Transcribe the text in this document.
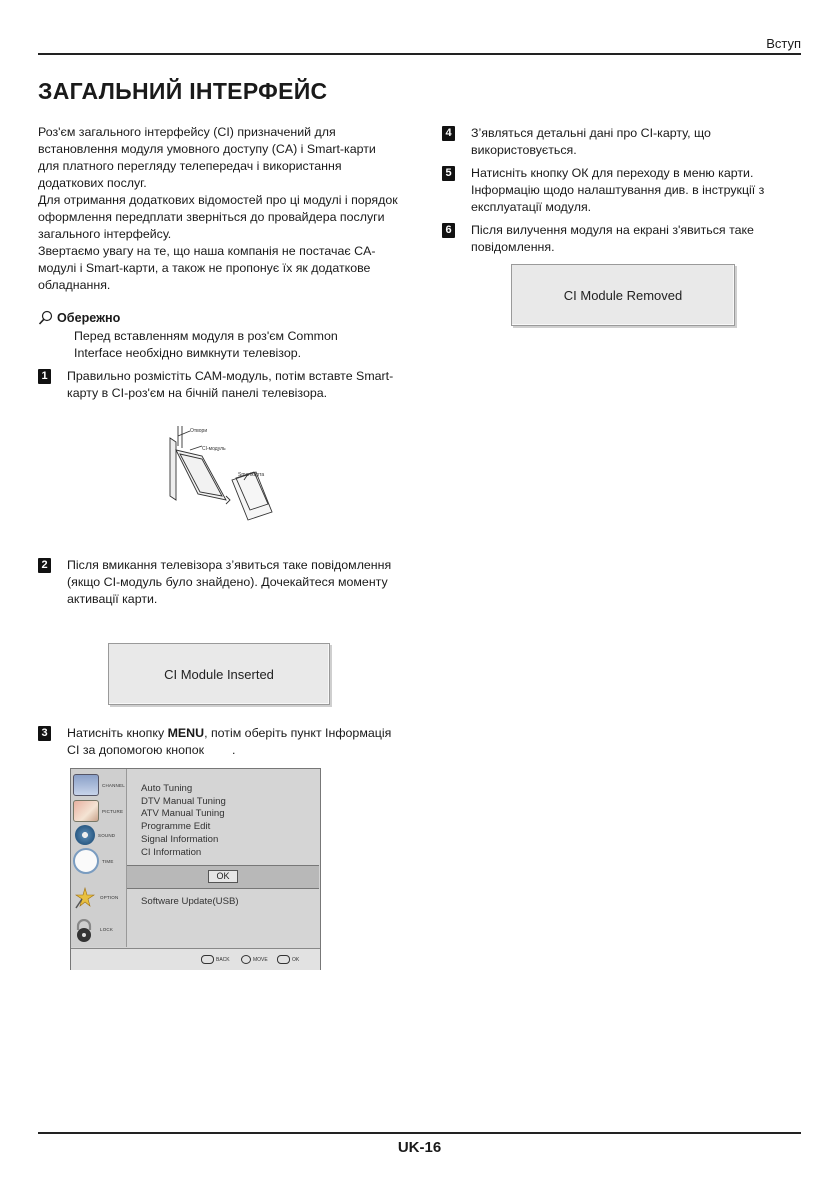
Вступ
ЗАГАЛЬНИЙ ІНТЕРФЕЙС

Роз'єм загального інтерфейсу (СІ) призначений для встановлення модуля умовного доступу (CA) і Smart-карти для платного перегляду телепередач і використання додаткових послуг.

Для отримання додаткових відомостей про ці модулі і порядок оформлення передплати зверніться до провайдера послуги загального інтерфейсу.

Звертаємо увагу на те, що наша компанія не постачає CA-модулі і Smart-карти, а також не пропонує їх як додаткове обладнання.

Обережно
Перед вставленням модуля в роз'єм Common Interface необхідно вимкнути телевізор.
1 Правильно розмістіть САМ-модуль, потім вставте Smart-карту в СІ-роз'єм на бічній панелі телевізора.

Отвори
CI-модуль
Smartкарта
2 Після вмикання телевізора з’явиться таке повідомлення (якщо СІ-модуль було знайдено). Дочекайтеся моменту активації карти.

CI Module Inserted
3 Натисніть кнопку MENU, потім оберіть пункт Інформація CI за допомогою кнопок .

CHANNEL
PICTURE
SOUND
TIME
OPTION
LOCK
Auto Tuning
DTV Manual Tuning
ATV Manual Tuning
Programme Edit
Signal Information
CI Information
OK
Software Update(USB)
BACK	MOVE	OK
4 З’являться детальні дані про СІ-карту, що використовується.

5 Натисніть кнопку ОК для переходу в меню карти. Інформацію щодо налаштування див. в інструкції з експлуатації модуля.

6 Після вилучення модуля на екрані з'явиться таке повідомлення.

CI Module Removed
UK-16
